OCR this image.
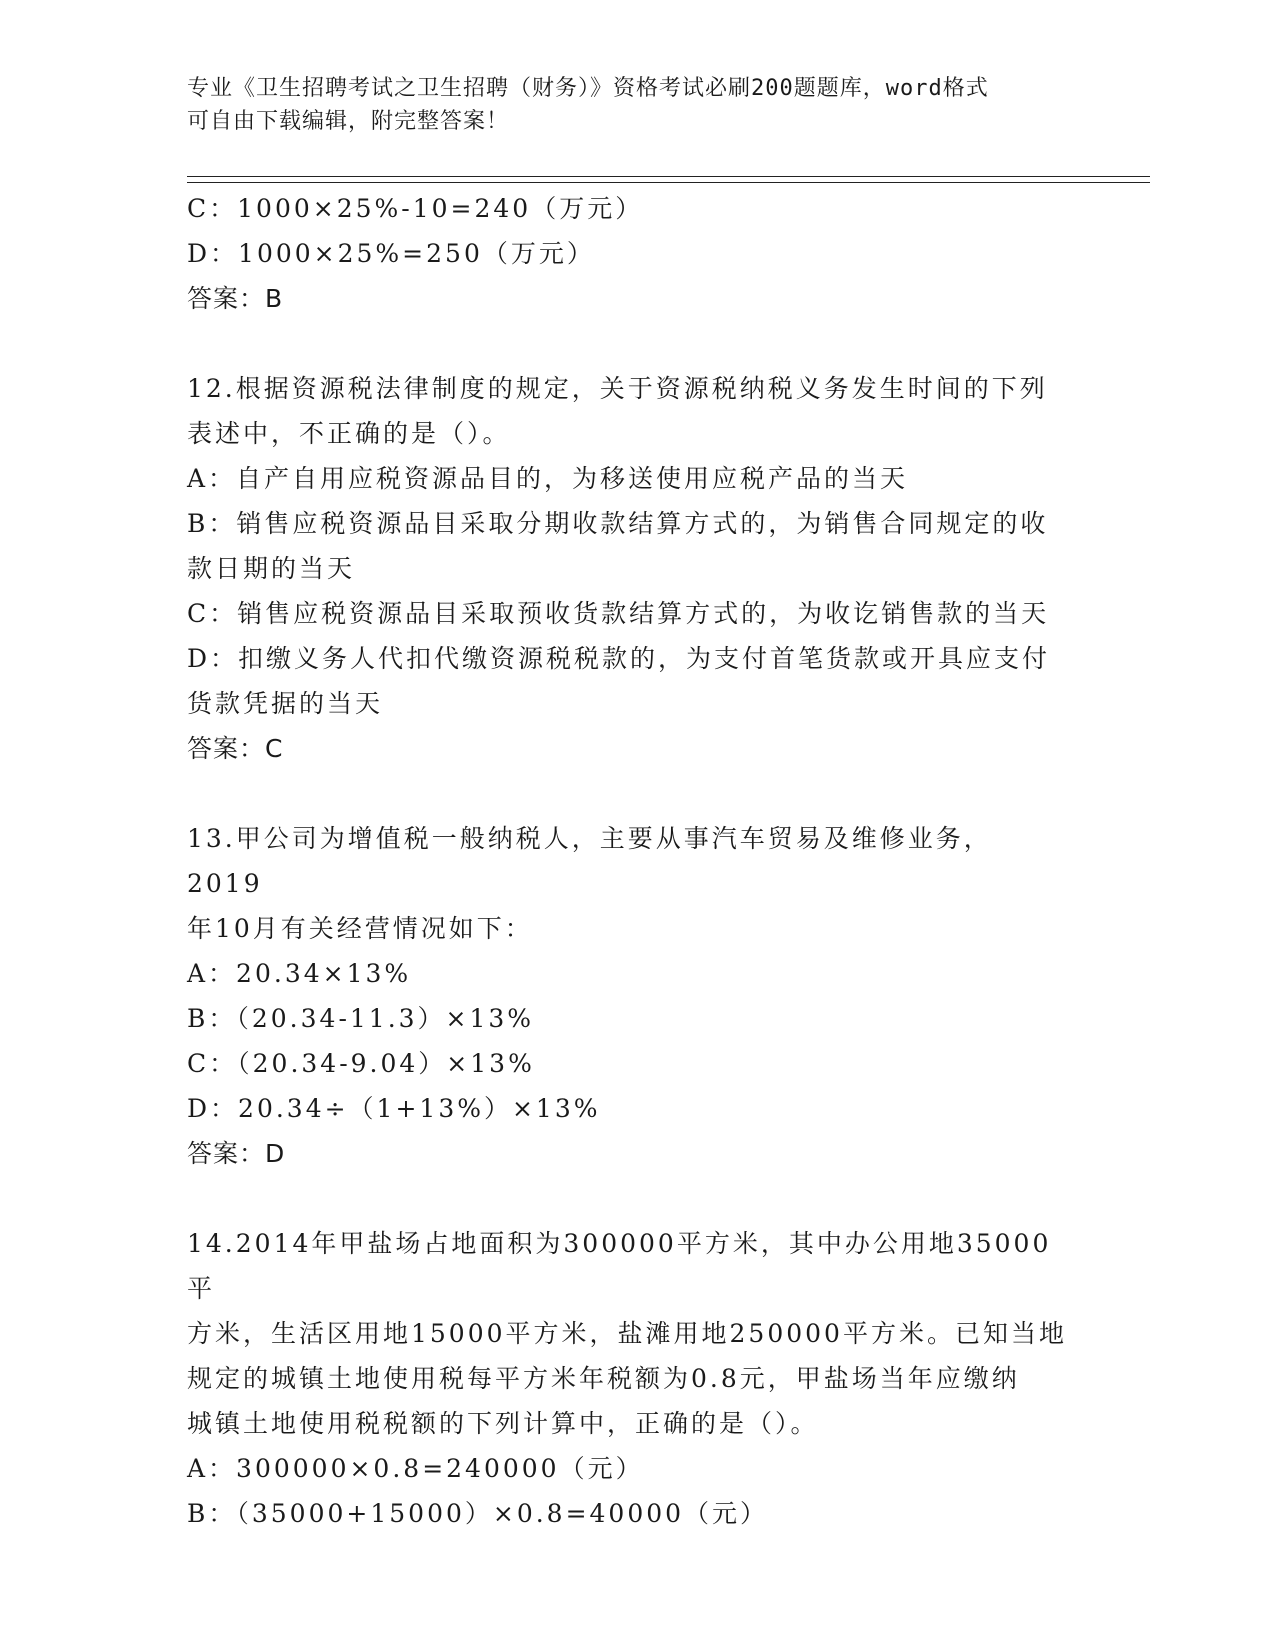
专业《卫生招聘考试之卫生招聘（财务）》资格考试必刷200题题库，word格式
可自由下载编辑，附完整答案！
C：1000×25%-10=240（万元）
D：1000×25%=250（万元）
答案：B
12.根据资源税法律制度的规定，关于资源税纳税义务发生时间的下列
表述中，不正确的是（）。
A：自产自用应税资源品目的，为移送使用应税产品的当天
B：销售应税资源品目采取分期收款结算方式的，为销售合同规定的收
款日期的当天
C：销售应税资源品目采取预收货款结算方式的，为收讫销售款的当天
D：扣缴义务人代扣代缴资源税税款的，为支付首笔货款或开具应支付
货款凭据的当天
答案：C
13.甲公司为增值税一般纳税人，主要从事汽车贸易及维修业务，2019
年10月有关经营情况如下：
A：20.34×13%
B：（20.34-11.3）×13%
C：（20.34-9.04）×13%
D：20.34÷（1+13%）×13%
答案：D
14.2014年甲盐场占地面积为300000平方米，其中办公用地35000平
方米，生活区用地15000平方米，盐滩用地250000平方米。已知当地
规定的城镇土地使用税每平方米年税额为0.8元，甲盐场当年应缴纳
城镇土地使用税税额的下列计算中，正确的是（）。
A：300000×0.8=240000（元）
B：（35000+15000）×0.8=40000（元）
